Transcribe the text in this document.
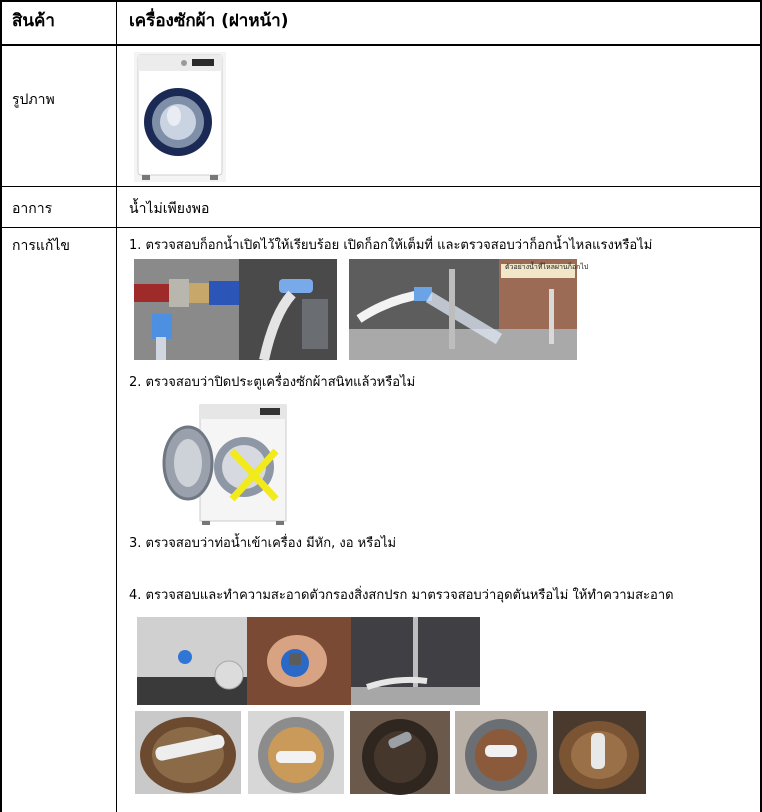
สินค้า	เครื่องซักผ้า (ฝาหน้า)
รูปภาพ
อาการ
การแก้ไข
น้ำไม่เพียงพอ
1. ตรวจสอบก็อกน้ำเปิดไว้ให้เรียบร้อย เปิดก็อกให้เต็มที่ และตรวจสอบว่าก็อกน้ำไหลแรงหรือไม่
2. ตรวจสอบว่าปิดประตูเครื่องซักผ้าสนิทแล้วหรือไม่
3. ตรวจสอบว่าท่อน้ำเข้าเครื่อง มีหัก, งอ หรือไม่
4. ตรวจสอบและทำความสะอาดตัวกรองสิ่งสกปรก มาตรวจสอบว่าอุดตันหรือไม่ ให้ทำความสะอาด
ตัวอย่างน้ำที่ไหลผ่านก็อกไป
